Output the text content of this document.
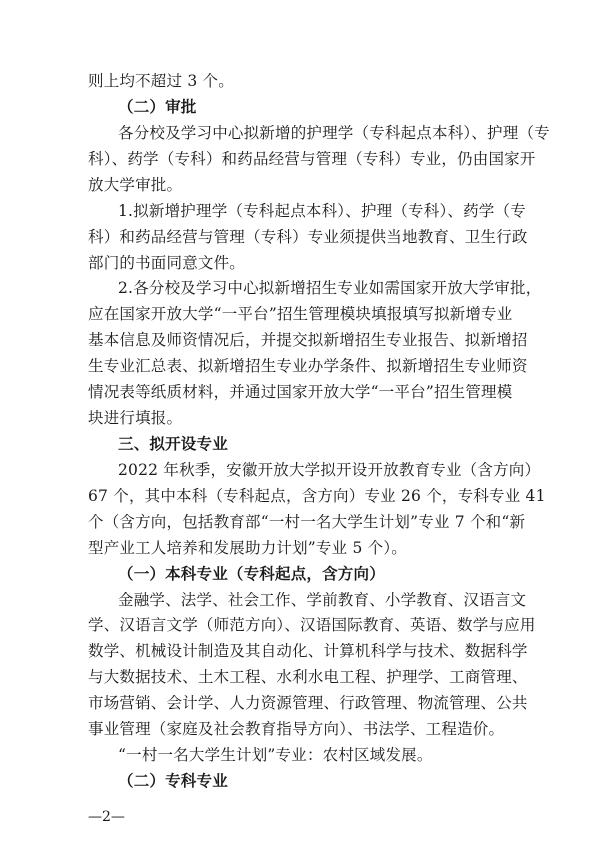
则上均不超过 3 个。
（二）审批
各分校及学习中心拟新增的护理学（专科起点本科）、护理（专
科）、药学（专科）和药品经营与管理（专科）专业，仍由国家开
放大学审批。
1.拟新增护理学（专科起点本科）、护理（专科）、药学（专
科）和药品经营与管理（专科）专业须提供当地教育、卫生行政
部门的书面同意文件。
2.各分校及学习中心拟新增招生专业如需国家开放大学审批，
应在国家开放大学“一平台”招生管理模块填报填写拟新增专业
基本信息及师资情况后，并提交拟新增招生专业报告、拟新增招
生专业汇总表、拟新增招生专业办学条件、拟新增招生专业师资
情况表等纸质材料，并通过国家开放大学“一平台”招生管理模
块进行填报。
三、拟开设专业
2022 年秋季，安徽开放大学拟开设开放教育专业（含方向）
67 个，其中本科（专科起点，含方向）专业 26 个，专科专业 41
个（含方向，包括教育部“一村一名大学生计划”专业 7 个和“新
型产业工人培养和发展助力计划”专业 5 个）。
（一）本科专业（专科起点，含方向）
金融学、法学、社会工作、学前教育、小学教育、汉语言文
学、汉语言文学（师范方向）、汉语国际教育、英语、数学与应用
数学、机械设计制造及其自动化、计算机科学与技术、数据科学
与大数据技术、土木工程、水利水电工程、护理学、工商管理、
市场营销、会计学、人力资源管理、行政管理、物流管理、公共
事业管理（家庭及社会教育指导方向）、书法学、工程造价。
“一村一名大学生计划”专业：农村区域发展。
—2—
（二）专科专业
